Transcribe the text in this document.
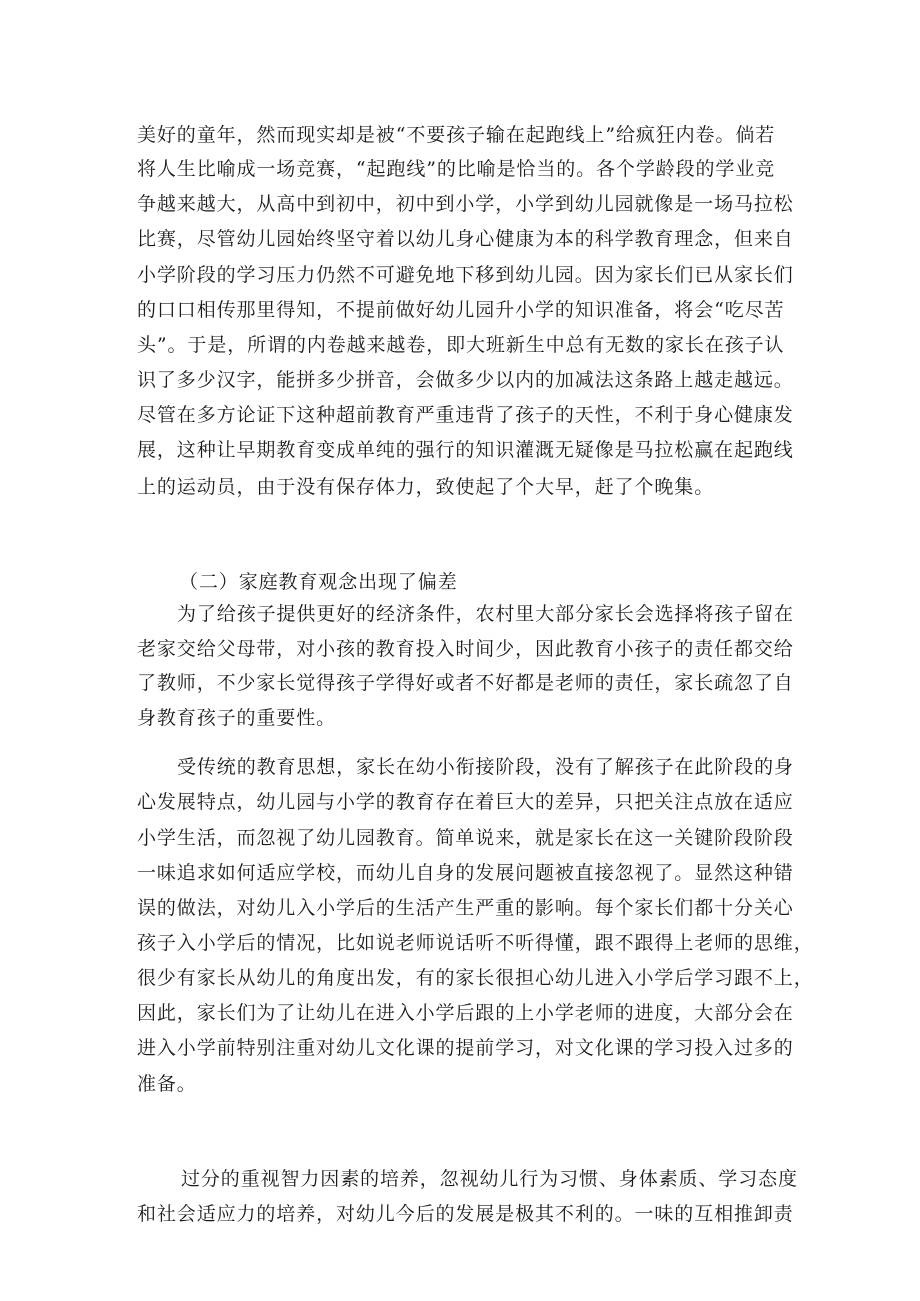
美好的童年，然而现实却是被“不要孩子输在起跑线上”给疯狂内卷。倘若
将人生比喻成一场竞赛，“起跑线”的比喻是恰当的。各个学龄段的学业竞
争越来越大，从高中到初中，初中到小学，小学到幼儿园就像是一场马拉松
比赛，尽管幼儿园始终坚守着以幼儿身心健康为本的科学教育理念，但来自
小学阶段的学习压力仍然不可避免地下移到幼儿园。因为家长们已从家长们
的口口相传那里得知，不提前做好幼儿园升小学的知识准备，将会“吃尽苦
头”。于是，所谓的内卷越来越卷，即大班新生中总有无数的家长在孩子认
识了多少汉字，能拼多少拼音，会做多少以内的加减法这条路上越走越远。
尽管在多方论证下这种超前教育严重违背了孩子的天性，不利于身心健康发
展，这种让早期教育变成单纯的强行的知识灌溉无疑像是马拉松赢在起跑线
上的运动员，由于没有保存体力，致使起了个大早，赶了个晚集。
（二）家庭教育观念出现了偏差
为了给孩子提供更好的经济条件，农村里大部分家长会选择将孩子留在
老家交给父母带，对小孩的教育投入时间少，因此教育小孩子的责任都交给
了教师，不少家长觉得孩子学得好或者不好都是老师的责任，家长疏忽了自
身教育孩子的重要性。
受传统的教育思想，家长在幼小衔接阶段，没有了解孩子在此阶段的身
心发展特点，幼儿园与小学的教育存在着巨大的差异，只把关注点放在适应
小学生活，而忽视了幼儿园教育。简单说来，就是家长在这一关键阶段阶段
一味追求如何适应学校，而幼儿自身的发展问题被直接忽视了。显然这种错
误的做法，对幼儿入小学后的生活产生严重的影响。每个家长们都十分关心
孩子入小学后的情况，比如说老师说话听不听得懂，跟不跟得上老师的思维，
很少有家长从幼儿的角度出发，有的家长很担心幼儿进入小学后学习跟不上，
因此，家长们为了让幼儿在进入小学后跟的上小学老师的进度，大部分会在
进入小学前特别注重对幼儿文化课的提前学习，对文化课的学习投入过多的
准备。
过分的重视智力因素的培养，忽视幼儿行为习惯、身体素质、学习态度
和社会适应力的培养，对幼儿今后的发展是极其不利的。一味的互相推卸责
